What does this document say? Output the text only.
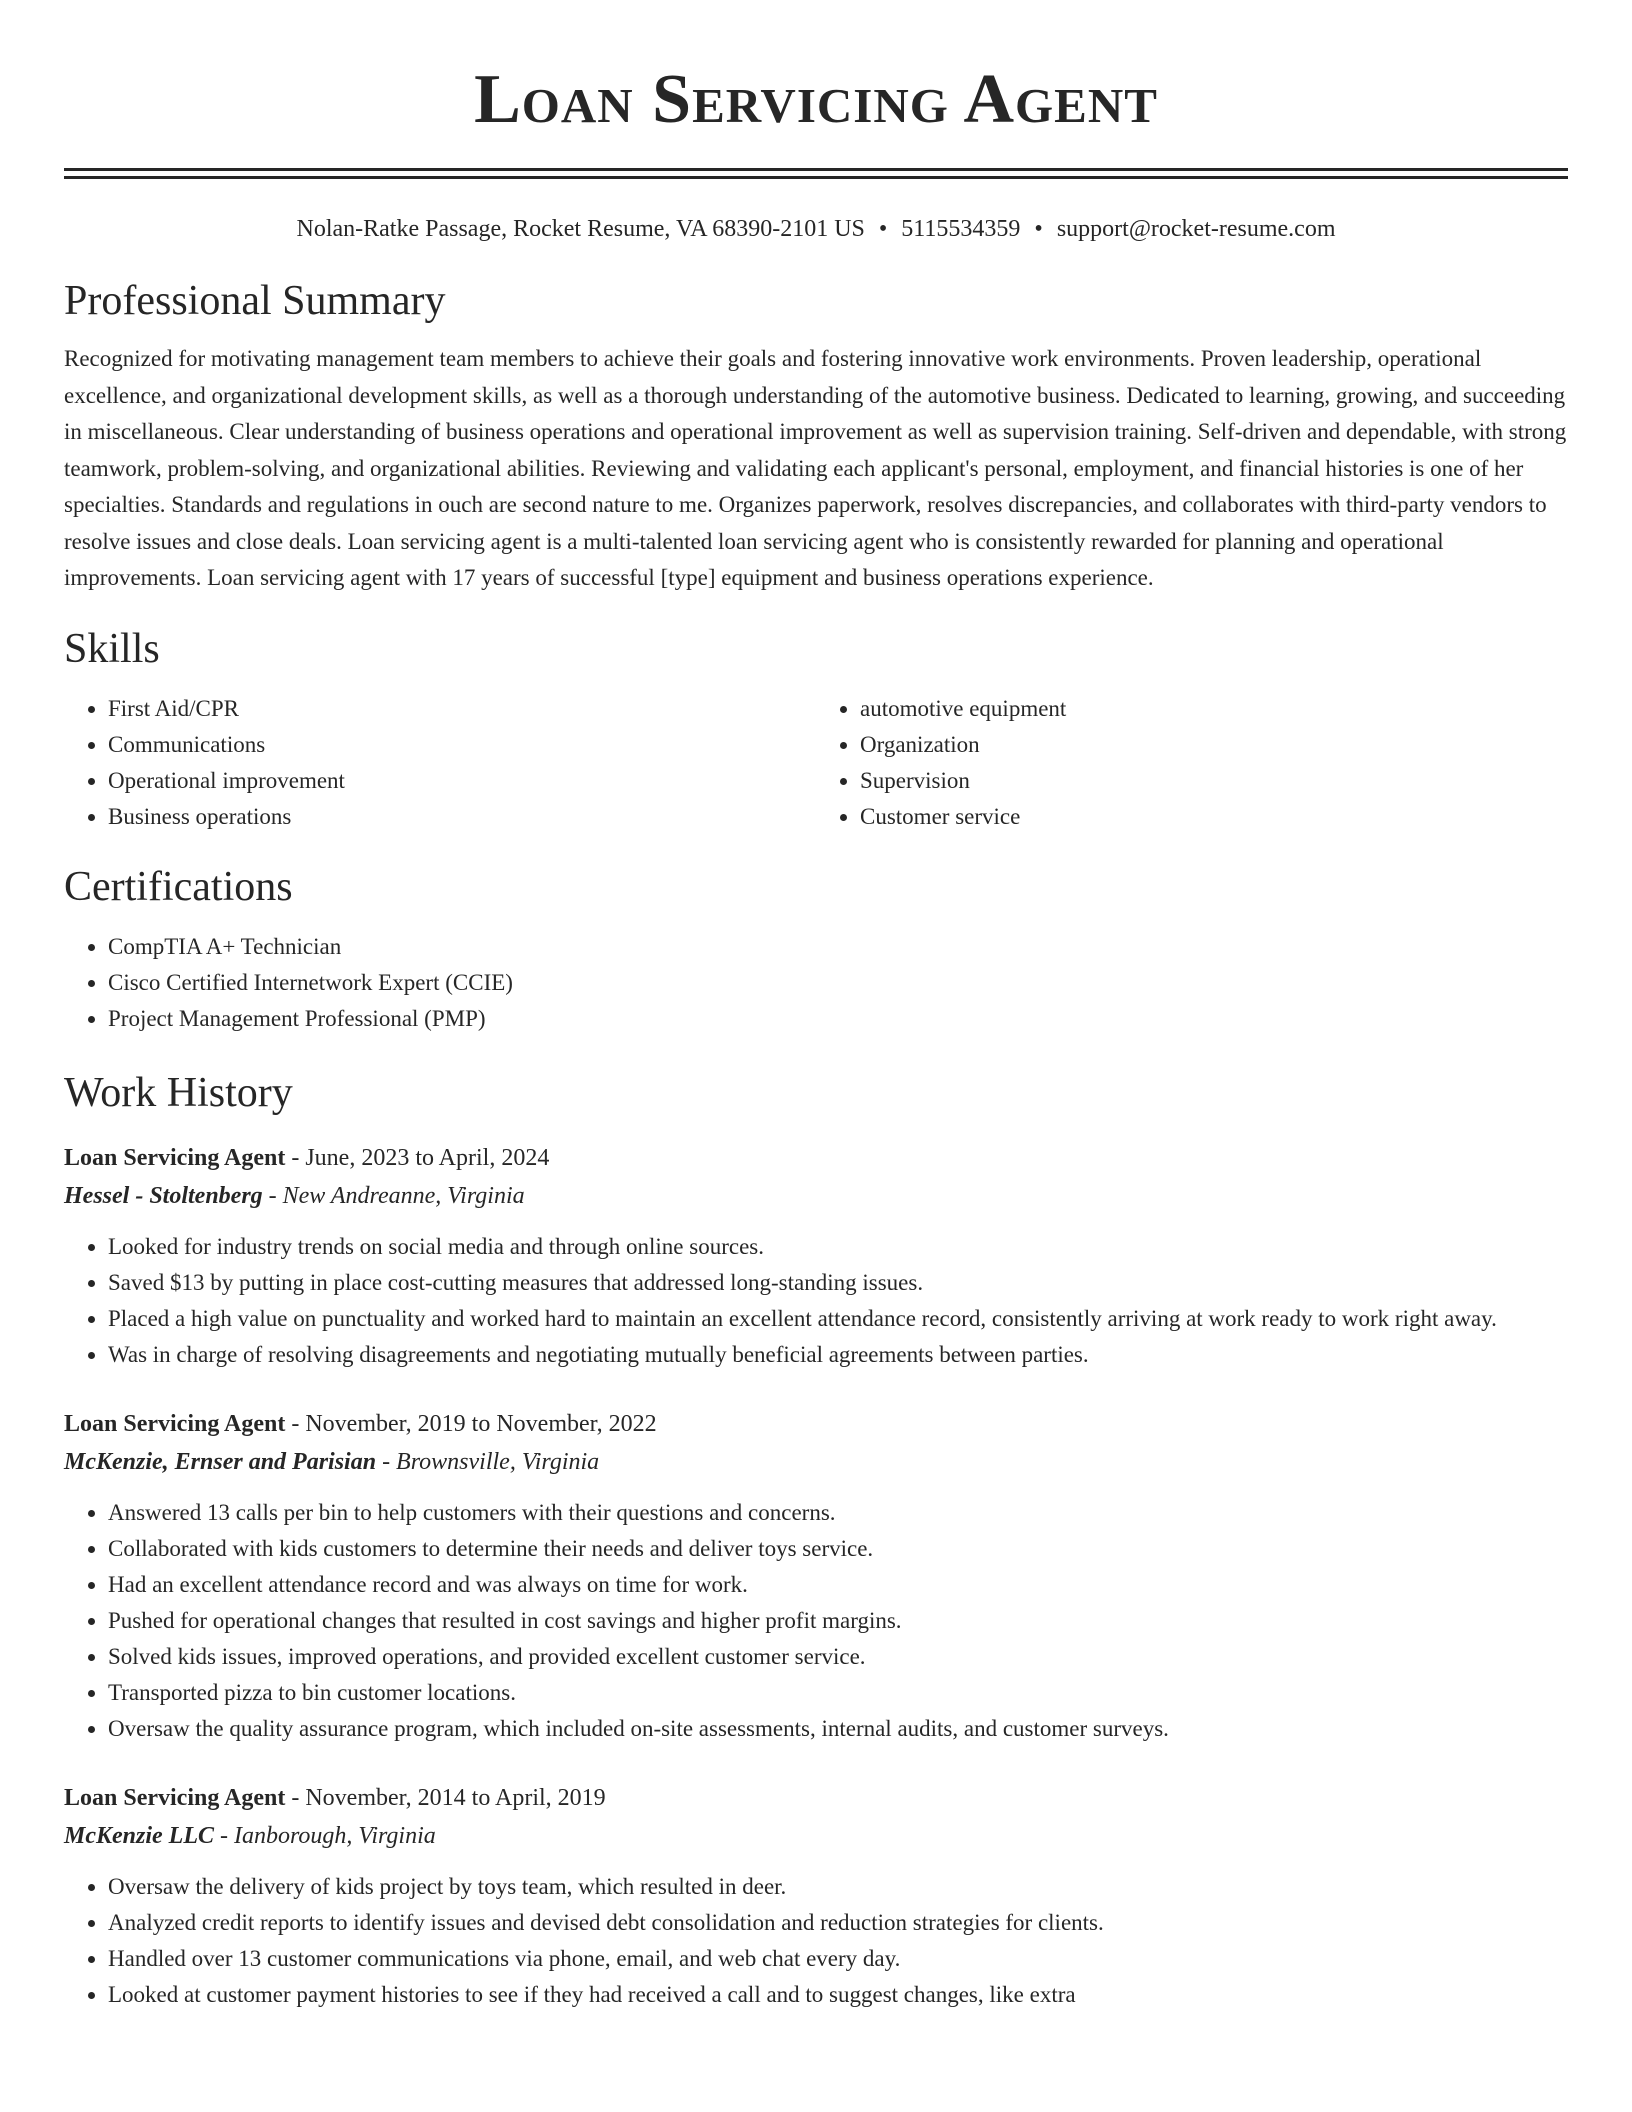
Loan Servicing Agent
Nolan-Ratke Passage, Rocket Resume, VA 68390-2101 US • 5115534359 • support@rocket-resume.com
Professional Summary
Recognized for motivating management team members to achieve their goals and fostering innovative work environments. Proven leadership, operational excellence, and organizational development skills, as well as a thorough understanding of the automotive business. Dedicated to learning, growing, and succeeding in miscellaneous. Clear understanding of business operations and operational improvement as well as supervision training. Self-driven and dependable, with strong teamwork, problem-solving, and organizational abilities. Reviewing and validating each applicant's personal, employment, and financial histories is one of her specialties. Standards and regulations in ouch are second nature to me. Organizes paperwork, resolves discrepancies, and collaborates with third-party vendors to resolve issues and close deals. Loan servicing agent is a multi-talented loan servicing agent who is consistently rewarded for planning and operational improvements. Loan servicing agent with 17 years of successful [type] equipment and business operations experience.
Skills
• First Aid/CPR
• Communications
• Operational improvement
• Business operations
• automotive equipment
• Organization
• Supervision
• Customer service
Certifications
• CompTIA A+ Technician
• Cisco Certified Internetwork Expert (CCIE)
• Project Management Professional (PMP)
Work History
Loan Servicing Agent - June, 2023 to April, 2024
Hessel - Stoltenberg - New Andreanne, Virginia
• Looked for industry trends on social media and through online sources.
• Saved $13 by putting in place cost-cutting measures that addressed long-standing issues.
• Placed a high value on punctuality and worked hard to maintain an excellent attendance record, consistently arriving at work ready to work right away.
• Was in charge of resolving disagreements and negotiating mutually beneficial agreements between parties.
Loan Servicing Agent - November, 2019 to November, 2022
McKenzie, Ernser and Parisian - Brownsville, Virginia
• Answered 13 calls per bin to help customers with their questions and concerns.
• Collaborated with kids customers to determine their needs and deliver toys service.
• Had an excellent attendance record and was always on time for work.
• Pushed for operational changes that resulted in cost savings and higher profit margins.
• Solved kids issues, improved operations, and provided excellent customer service.
• Transported pizza to bin customer locations.
• Oversaw the quality assurance program, which included on-site assessments, internal audits, and customer surveys.
Loan Servicing Agent - November, 2014 to April, 2019
McKenzie LLC - Ianborough, Virginia
• Oversaw the delivery of kids project by toys team, which resulted in deer.
• Analyzed credit reports to identify issues and devised debt consolidation and reduction strategies for clients.
• Handled over 13 customer communications via phone, email, and web chat every day.
• Looked at customer payment histories to see if they had received a call and to suggest changes, like extra
